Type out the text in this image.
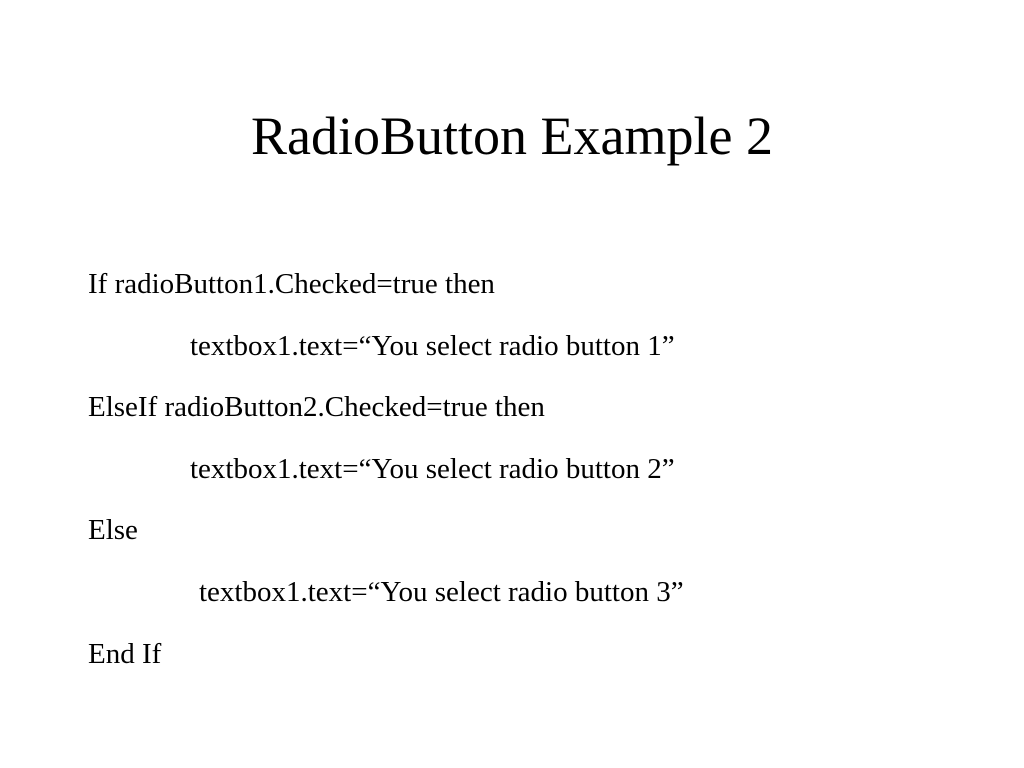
RadioButton Example 2
If radioButton1.Checked=true then
textbox1.text=“You select radio button 1”
ElseIf radioButton2.Checked=true then
textbox1.text=“You select radio button 2”
Else
textbox1.text=“You select radio button 3”
End If
